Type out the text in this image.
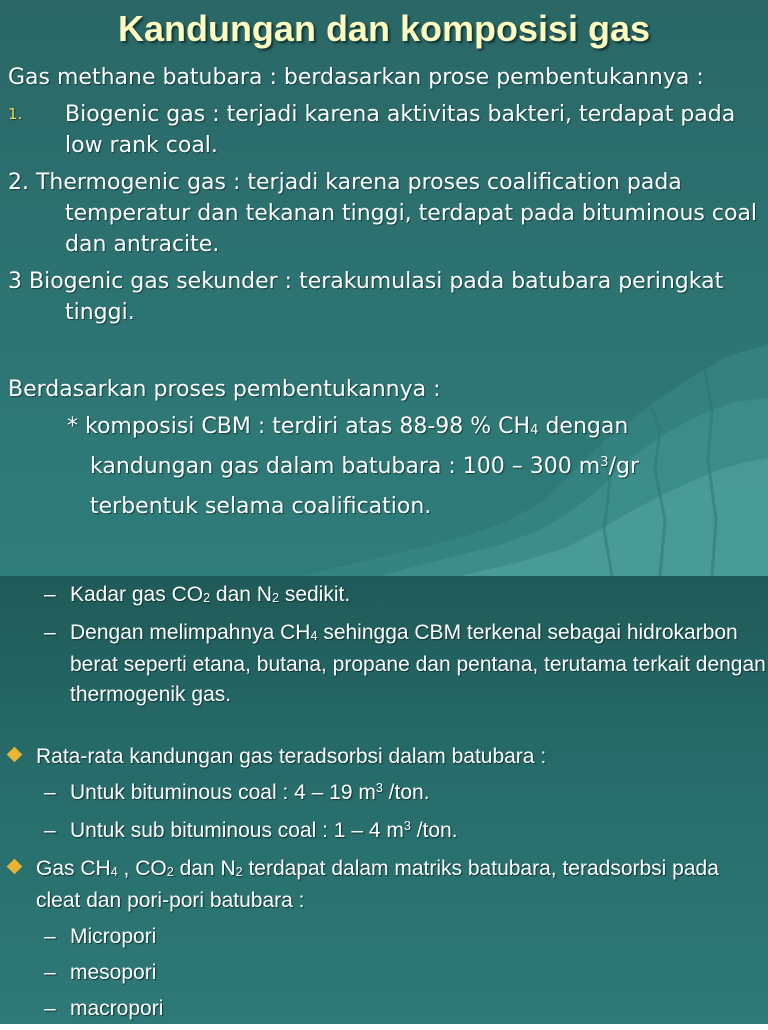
Kandungan dan komposisi gas

Gas methane batubara : berdasarkan prose pembentukannya :

1. Biogenic gas : terjadi karena aktivitas bakteri, terdapat pada low rank coal.

2. Thermogenic gas : terjadi karena proses coalification pada temperatur dan tekanan tinggi, terdapat pada bituminous coal dan antracite.

3 Biogenic gas sekunder : terakumulasi pada batubara peringkat tinggi.

Berdasarkan proses pembentukannya :

* komposisi CBM : terdiri atas 88-98 % $CH_4$ dengan
kandungan gas dalam batubara : 100 – 300 $m^3/gr$
terbentuk selama coalification.
– Kadar gas $CO_2$ dan $N_2$ sedikit.
– Dengan melimpahnya $CH_4$ sehingga CBM terkenal sebagai hidrokarbon berat seperti etana, butana, propane dan pentana, terutama terkait dengan thermogenik gas.
Rata-rata kandungan gas teradsorbsi dalam batubara :
– Untuk bituminous coal : 4 – 19 $m^3$ /ton.
– Untuk sub bituminous coal : 1 – 4 $m^3$ /ton.
Gas $CH_4$ , $CO_2$ dan $N_2$ terdapat dalam matriks batubara, teradsorbsi pada cleat dan pori-pori batubara :
– Micropori
– mesopori
– macropori
